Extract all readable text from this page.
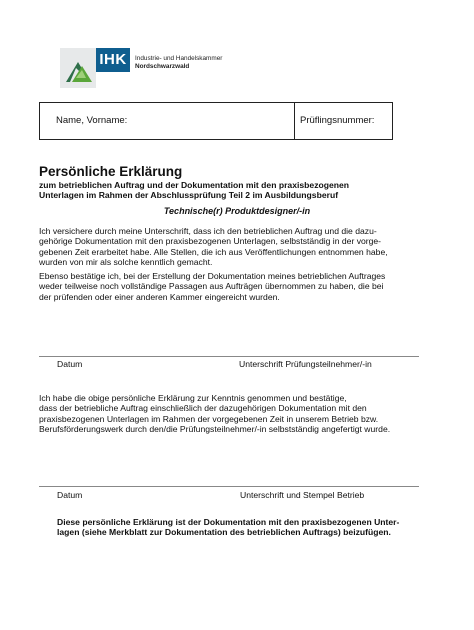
IHK	Industrie- und Handelskammer
Nordschwarzwald
Name, Vorname:	Prüflingsnummer:
Persönliche Erklärung
zum betrieblichen Auftrag und der Dokumentation mit den praxisbezogenen
Unterlagen im Rahmen der Abschlussprüfung Teil 2 im Ausbildungsberuf
Technische(r) Produktdesigner/-in
Ich versichere durch meine Unterschrift, dass ich den betrieblichen Auftrag und die dazu-
gehörige Dokumentation mit den praxisbezogenen Unterlagen, selbstständig in der vorge-
gebenen Zeit erarbeitet habe. Alle Stellen, die ich aus Veröffentlichungen entnommen habe,
wurden von mir als solche kenntlich gemacht.
Ebenso bestätige ich, bei der Erstellung der Dokumentation meines betrieblichen Auftrages
weder teilweise noch vollständige Passagen aus Aufträgen übernommen zu haben, die bei
der prüfenden oder einer anderen Kammer eingereicht wurden.
Datum	Unterschrift Prüfungsteilnehmer/-in
Ich habe die obige persönliche Erklärung zur Kenntnis genommen und bestätige,
dass der betriebliche Auftrag einschließlich der dazugehörigen Dokumentation mit den
praxisbezogenen Unterlagen im Rahmen der vorgegebenen Zeit in unserem Betrieb bzw.
Berufsförderungswerk durch den/die Prüfungsteilnehmer/-in selbstständig angefertigt wurde.
Datum	Unterschrift und Stempel Betrieb
Diese persönliche Erklärung ist der Dokumentation mit den praxisbezogenen Unter-
lagen (siehe Merkblatt zur Dokumentation des betrieblichen Auftrags) beizufügen.
